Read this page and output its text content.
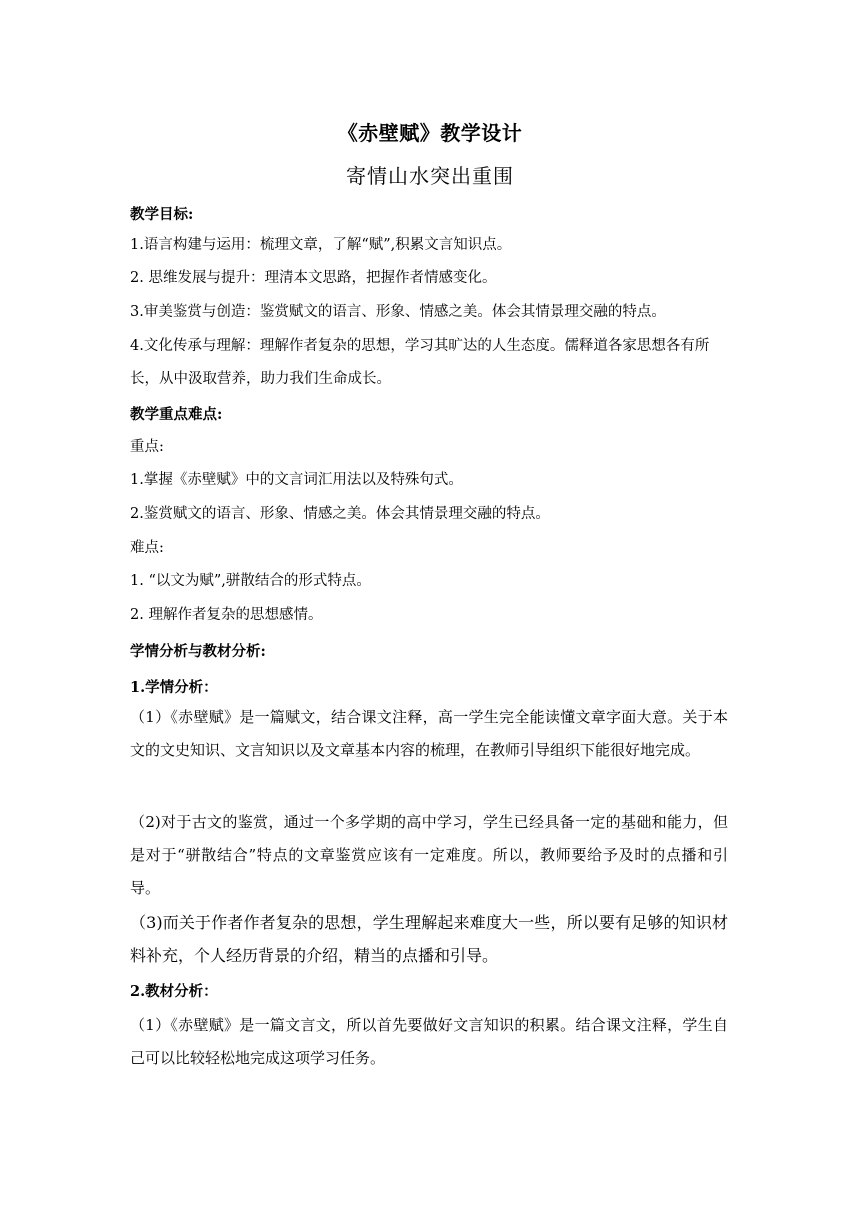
《赤壁赋》教学设计
寄情山水突出重围
教学目标:
1.语言构建与运用：梳理文章，了解“赋”,积累文言知识点。
2. 思维发展与提升：理清本文思路，把握作者情感变化。
3.审美鉴赏与创造：鉴赏赋文的语言、形象、情感之美。体会其情景理交融的特点。
4.文化传承与理解：理解作者复杂的思想，学习其旷达的人生态度。儒释道各家思想各有所长，从中汲取营养，助力我们生命成长。
教学重点难点:
重点:
1.掌握《赤壁赋》中的文言词汇用法以及特殊句式。
2.鉴赏赋文的语言、形象、情感之美。体会其情景理交融的特点。
难点:
1. “以文为赋”,骈散结合的形式特点。
2. 理解作者复杂的思想感情。
学情分析与教材分析:
1.学情分析：
（1）《赤壁赋》是一篇赋文，结合课文注释，高一学生完全能读懂文章字面大意。关于本文的文史知识、文言知识以及文章基本内容的梳理，在教师引导组织下能很好地完成。
（2)对于古文的鉴赏，通过一个多学期的高中学习，学生已经具备一定的基础和能力，但是对于“骈散结合”特点的文章鉴赏应该有一定难度。所以，教师要给予及时的点播和引导。
（3)而关于作者作者复杂的思想，学生理解起来难度大一些，所以要有足够的知识材料补充，个人经历背景的介绍，精当的点播和引导。
2.教材分析：
（1）《赤壁赋》是一篇文言文，所以首先要做好文言知识的积累。结合课文注释，学生自己可以比较轻松地完成这项学习任务。
